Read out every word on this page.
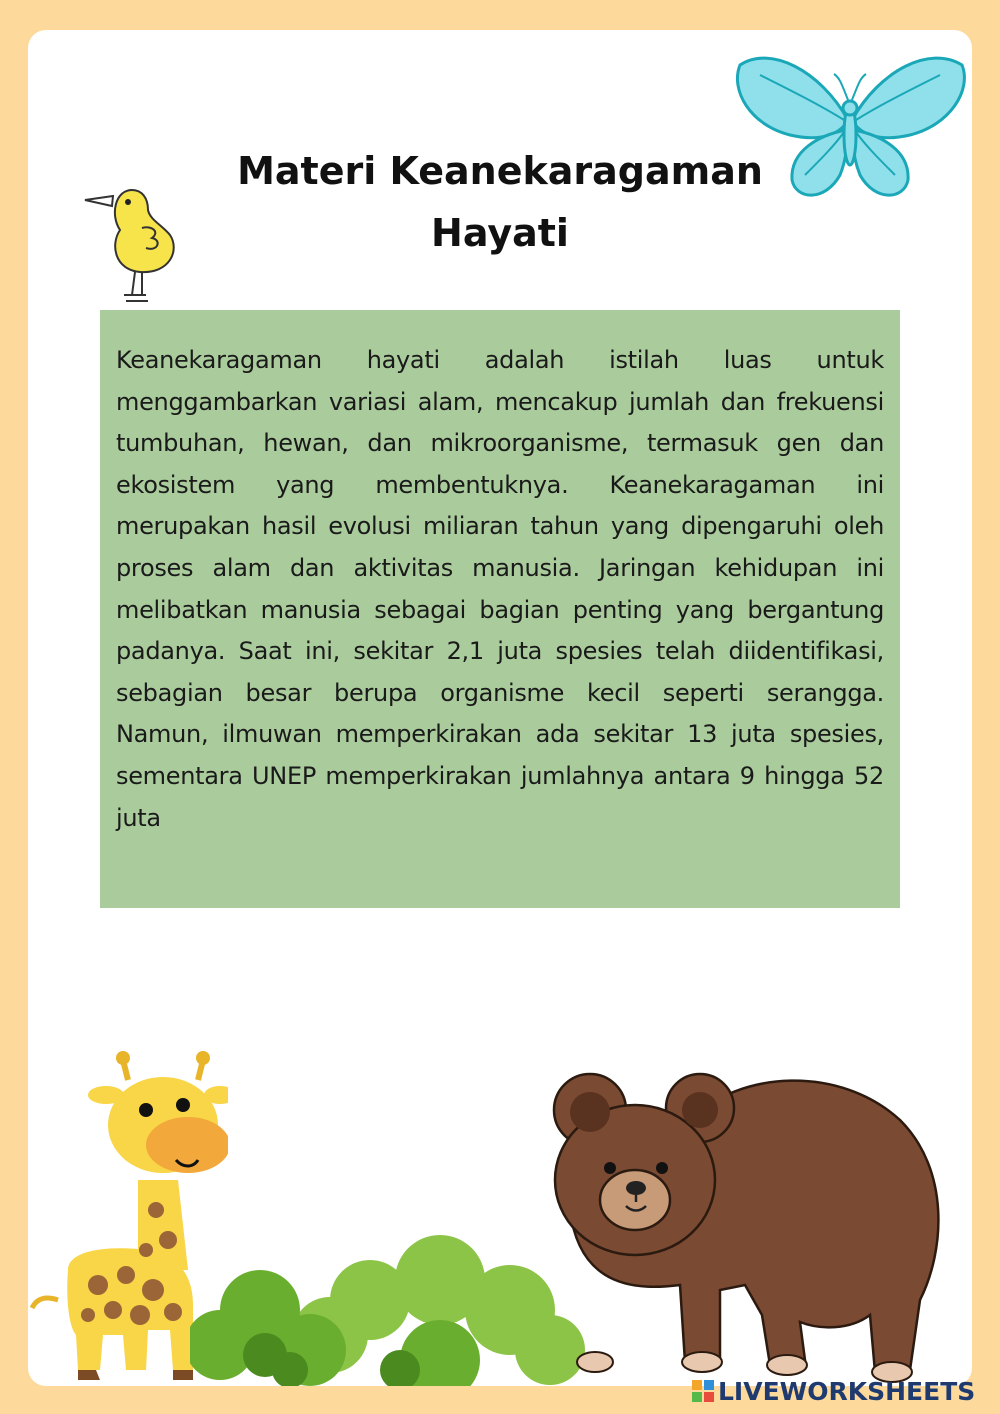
Materi Keanekaragaman
Hayati

Keanekaragaman hayati adalah istilah luas untuk menggambarkan variasi alam, mencakup jumlah dan frekuensi tumbuhan, hewan, dan mikroorganisme, termasuk gen dan ekosistem yang membentuknya. Keanekaragaman ini merupakan hasil evolusi miliaran tahun yang dipengaruhi oleh proses alam dan aktivitas manusia. Jaringan kehidupan ini melibatkan manusia sebagai bagian penting yang bergantung padanya. Saat ini, sekitar 2,1 juta spesies telah diidentifikasi, sebagian besar berupa organisme kecil seperti serangga. Namun, ilmuwan memperkirakan ada sekitar 13 juta spesies, sementara UNEP memperkirakan jumlahnya antara 9 hingga 52 juta

LIVEWORKSHEETS
